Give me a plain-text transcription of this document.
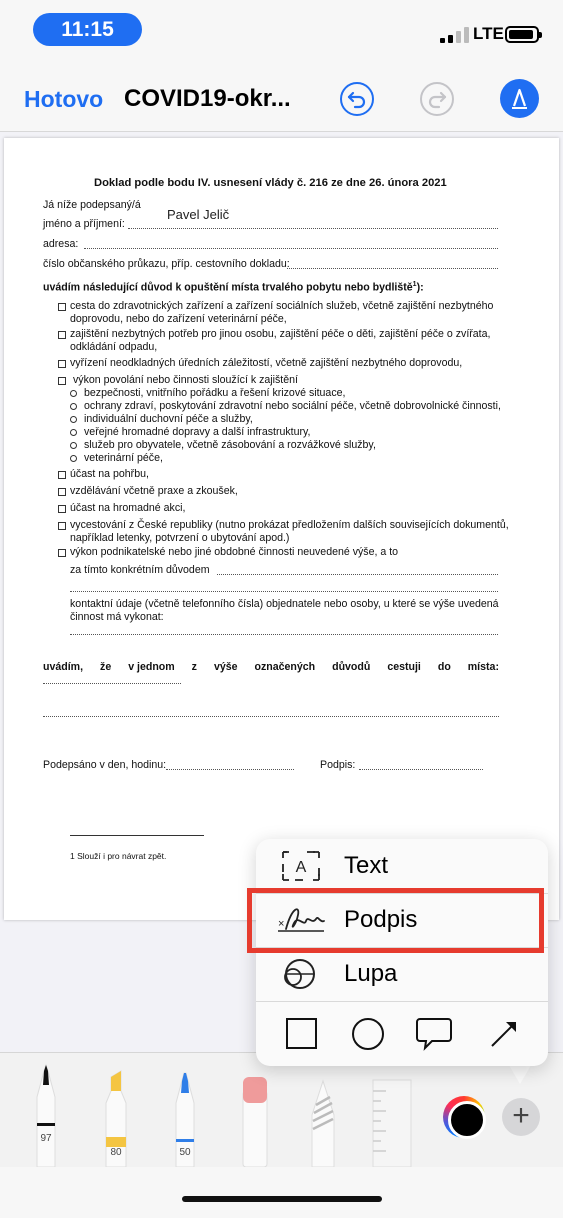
11:15	LTE
Hotovo COVID19-okr...
Doklad podle bodu IV. usnesení vlády č. 216 ze dne 26. února 2021
Já níže podepsaný/á
jméno a příjmení:
Pavel Jelič
adresa:
číslo občanského průkazu, příp. cestovního dokladu:
uvádím následující důvod k opuštění místa trvalého pobytu nebo bydliště$^1$):
cesta do zdravotnických zařízení a zařízení sociálních služeb, včetně zajištění nezbytného
doprovodu, nebo do zařízení veterinární péče,
zajištění nezbytných potřeb pro jinou osobu, zajištění péče o děti, zajištění péče o zvířata,
odkládání odpadu,
vyřízení neodkladných úředních záležitostí, včetně zajištění nezbytného doprovodu,
výkon povolání nebo činnosti sloužící k zajištění
bezpečnosti, vnitřního pořádku a řešení krizové situace,
ochrany zdraví, poskytování zdravotní nebo sociální péče, včetně dobrovolnické činnosti,
individuální duchovní péče a služby,
veřejné hromadné dopravy a další infrastruktury,
služeb pro obyvatele, včetně zásobování a rozvážkové služby,
veterinární péče,
účast na pohřbu,
vzdělávání včetně praxe a zkoušek,
účast na hromadné akci,
vycestování z České republiky (nutno prokázat předložením dalších souvisejících dokumentů,
například letenky, potvrzení o ubytování apod.)
výkon podnikatelské nebo jiné obdobné činnosti neuvedené výše, a to
za tímto konkrétním důvodem
kontaktní údaje (včetně telefonního čísla) objednatele nebo osoby, u které se výše uvedená
činnost má vykonat:
uvádím, že v jednom z výše označených důvodů cestuji do místa:
Podepsáno v den, hodinu:	Podpis:
1 Slouží i pro návrat zpět.
97
80	50
+
A Text
× Podpis
Lupa
